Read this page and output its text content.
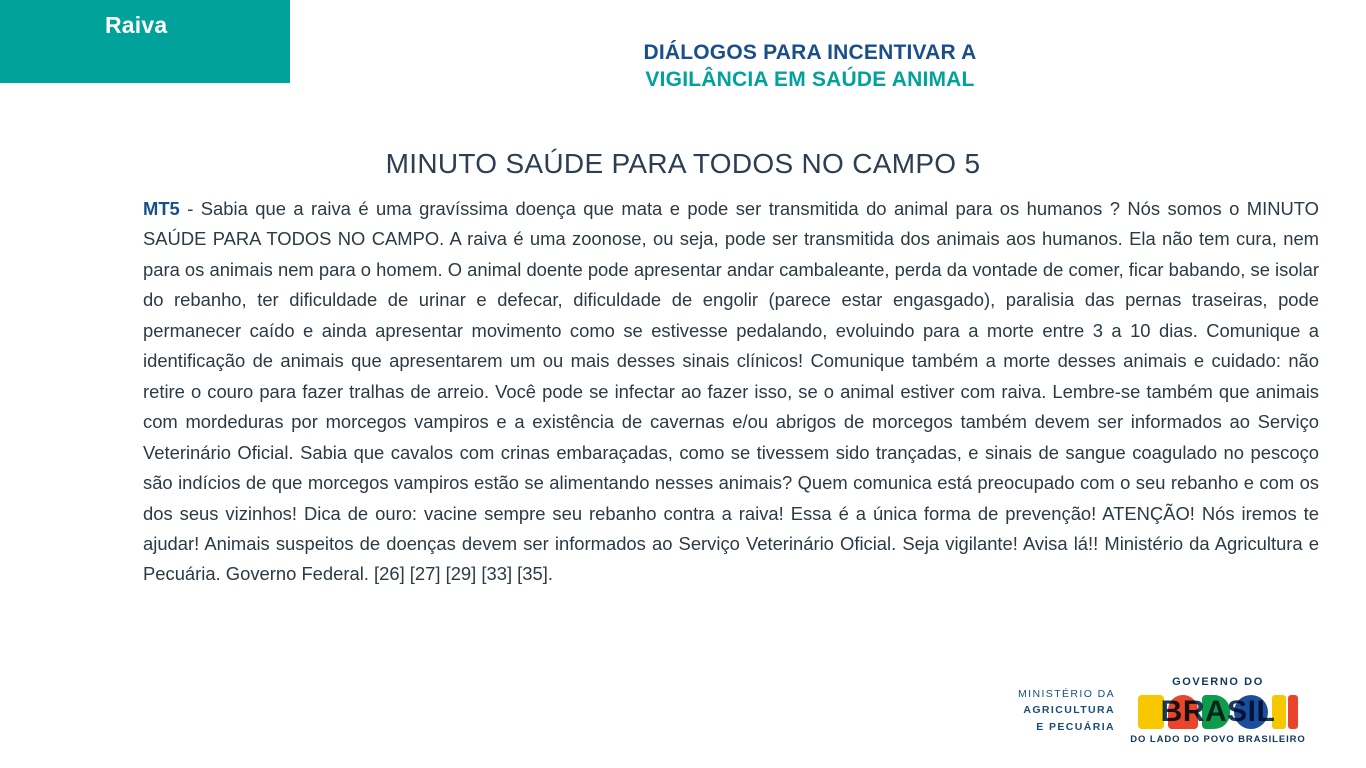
Raiva
DIÁLOGOS PARA INCENTIVAR A
VIGILÂNCIA EM SAÚDE ANIMAL
MINUTO SAÚDE PARA TODOS NO CAMPO 5
MT5 - Sabia que a raiva é uma gravíssima doença que mata e pode ser transmitida do animal para os humanos ? Nós somos o MINUTO SAÚDE PARA TODOS NO CAMPO. A raiva é uma zoonose, ou seja, pode ser transmitida dos animais aos humanos. Ela não tem cura, nem para os animais nem para o homem. O animal doente pode apresentar andar cambaleante, perda da vontade de comer, ficar babando, se isolar do rebanho, ter dificuldade de urinar e defecar, dificuldade de engolir (parece estar engasgado), paralisia das pernas traseiras, pode permanecer caído e ainda apresentar movimento como se estivesse pedalando, evoluindo para a morte entre 3 a 10 dias. Comunique a identificação de animais que apresentarem um ou mais desses sinais clínicos! Comunique também a morte desses animais e cuidado: não retire o couro para fazer tralhas de arreio. Você pode se infectar ao fazer isso, se o animal estiver com raiva. Lembre-se também que animais com mordeduras por morcegos vampiros e a existência de cavernas e/ou abrigos de morcegos também devem ser informados ao Serviço Veterinário Oficial. Sabia que cavalos com crinas embaraçadas, como se tivessem sido trançadas, e sinais de sangue coagulado no pescoço são indícios de que morcegos vampiros estão se alimentando nesses animais? Quem comunica está preocupado com o seu rebanho e com os dos seus vizinhos! Dica de ouro: vacine sempre seu rebanho contra a raiva! Essa é a única forma de prevenção! ATENÇÃO! Nós iremos te ajudar! Animais suspeitos de doenças devem ser informados ao Serviço Veterinário Oficial. Seja vigilante! Avisa lá!! Ministério da Agricultura e Pecuária. Governo Federal. [26] [27] [29] [33] [35].
MINISTÉRIO DA
AGRICULTURA
E PECUÁRIA
GOVERNO DO
BRASIL
DO LADO DO POVO BRASILEIRO
